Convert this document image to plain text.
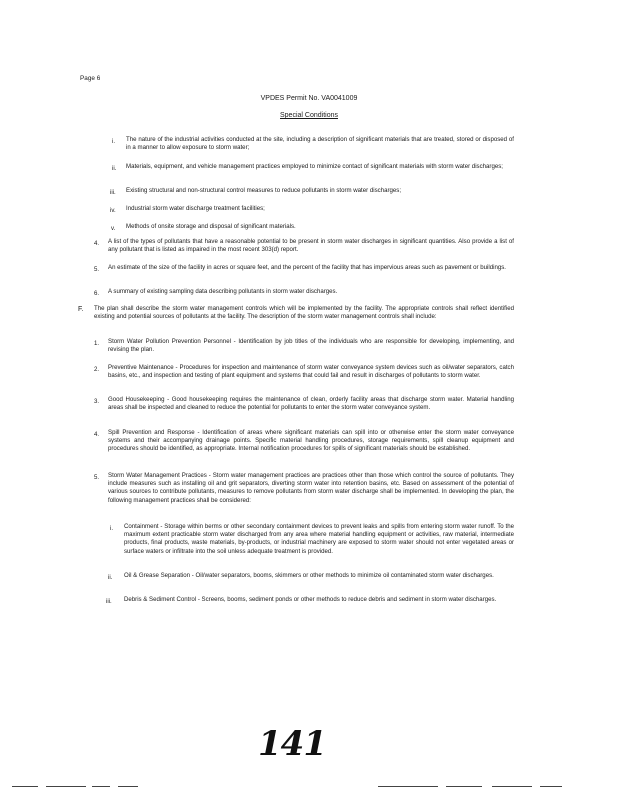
Page 6
VPDES Permit No. VA0041009
Special Conditions
i. The nature of the industrial activities conducted at the site, including a description of significant materials that are treated, stored or disposed of in a manner to allow exposure to storm water;
ii. Materials, equipment, and vehicle management practices employed to minimize contact of significant materials with storm water discharges;
iii. Existing structural and non-structural control measures to reduce pollutants in storm water discharges;
iv. Industrial storm water discharge treatment facilities;
v. Methods of onsite storage and disposal of significant materials.
4. A list of the types of pollutants that have a reasonable potential to be present in storm water discharges in significant quantities. Also provide a list of any pollutant that is listed as impaired in the most recent 303(d) report.
5. An estimate of the size of the facility in acres or square feet, and the percent of the facility that has impervious areas such as pavement or buildings.
6. A summary of existing sampling data describing pollutants in storm water discharges.
F. The plan shall describe the storm water management controls which will be implemented by the facility. The appropriate controls shall reflect identified existing and potential sources of pollutants at the facility. The description of the storm water management controls shall include:
1. Storm Water Pollution Prevention Personnel - Identification by job titles of the individuals who are responsible for developing, implementing, and revising the plan.
2. Preventive Maintenance - Procedures for inspection and maintenance of storm water conveyance system devices such as oil/water separators, catch basins, etc., and inspection and testing of plant equipment and systems that could fail and result in discharges of pollutants to storm water.
3. Good Housekeeping - Good housekeeping requires the maintenance of clean, orderly facility areas that discharge storm water. Material handling areas shall be inspected and cleaned to reduce the potential for pollutants to enter the storm water conveyance system.
4. Spill Prevention and Response - Identification of areas where significant materials can spill into or otherwise enter the storm water conveyance systems and their accompanying drainage points. Specific material handling procedures, storage requirements, spill cleanup equipment and procedures should be identified, as appropriate. Internal notification procedures for spills of significant materials should be established.
5. Storm Water Management Practices - Storm water management practices are practices other than those which control the source of pollutants. They include measures such as installing oil and grit separators, diverting storm water into retention basins, etc. Based on assessment of the potential of various sources to contribute pollutants, measures to remove pollutants from storm water discharge shall be implemented. In developing the plan, the following management practices shall be considered:
i. Containment - Storage within berms or other secondary containment devices to prevent leaks and spills from entering storm water runoff. To the maximum extent practicable storm water discharged from any area where material handling equipment or activities, raw material, intermediate products, final products, waste materials, by-products, or industrial machinery are exposed to storm water should not enter vegetated areas or surface waters or infiltrate into the soil unless adequate treatment is provided.
ii. Oil & Grease Separation - Oil/water separators, booms, skimmers or other methods to minimize oil contaminated storm water discharges.
iii. Debris & Sediment Control - Screens, booms, sediment ponds or other methods to reduce debris and sediment in storm water discharges.
141
